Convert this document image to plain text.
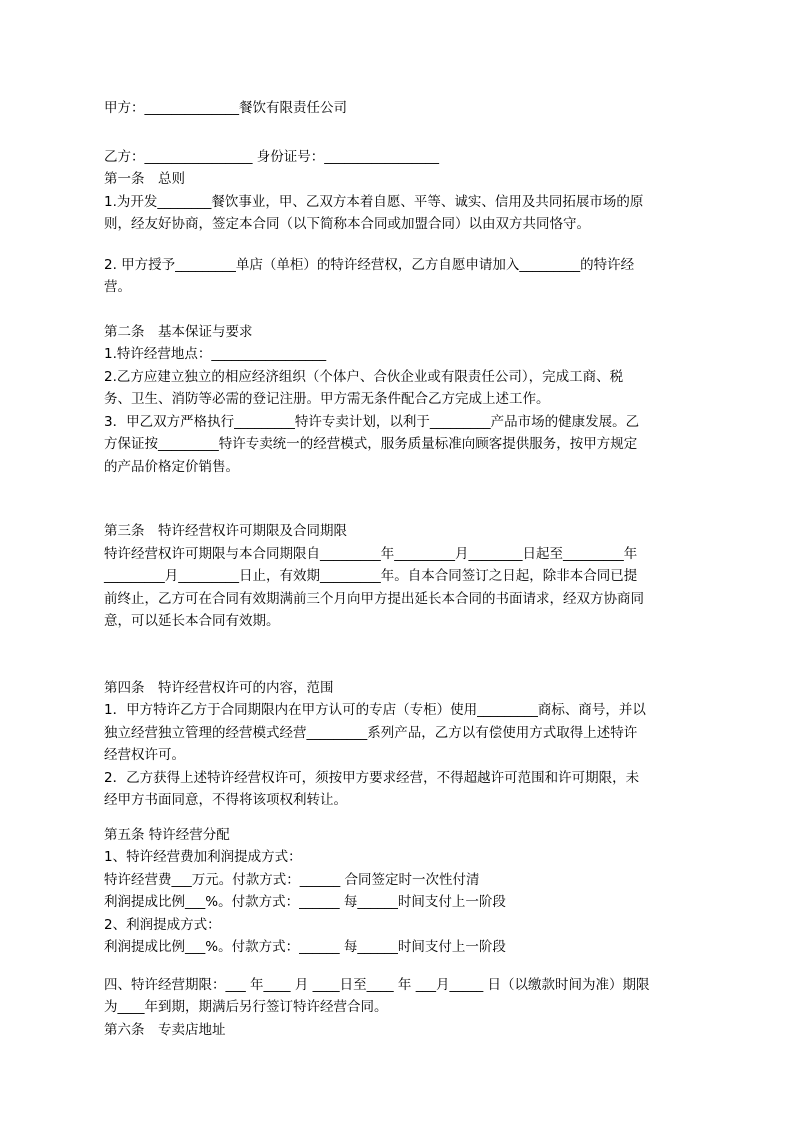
甲方：______________餐饮有限责任公司
乙方：________________ 身份证号：_________________
第一条　总则
1.为开发________餐饮事业，甲、乙双方本着自愿、平等、诚实、信用及共同拓展市场的原
则，经友好协商，签定本合同（以下简称本合同或加盟合同）以由双方共同恪守。
2. 甲方授予_________单店（单柜）的特许经营权，乙方自愿申请加入_________的特许经
营。
第二条　基本保证与要求
1.特许经营地点：_________________
2.乙方应建立独立的相应经济组织（个体户、合伙企业或有限责任公司），完成工商、税
务、卫生、消防等必需的登记注册。甲方需无条件配合乙方完成上述工作。
3．甲乙双方严格执行_________特许专卖计划，以利于_________产品市场的健康发展。乙
方保证按_________特许专卖统一的经营模式，服务质量标准向顾客提供服务，按甲方规定
的产品价格定价销售。
第三条　特许经营权许可期限及合同期限
特许经营权许可期限与本合同期限自_________年_________月________日起至_________年
_________月_________日止，有效期_________年。自本合同签订之日起，除非本合同已提
前终止，乙方可在合同有效期满前三个月向甲方提出延长本合同的书面请求，经双方协商同
意，可以延长本合同有效期。
第四条　特许经营权许可的内容，范围
1．甲方特许乙方于合同期限内在甲方认可的专店（专柜）使用_________商标、商号，并以
独立经营独立管理的经营模式经营_________系列产品，乙方以有偿使用方式取得上述特许
经营权许可。
2．乙方获得上述特许经营权许可，须按甲方要求经营，不得超越许可范围和许可期限，未
经甲方书面同意，不得将该项权利转让。
第五条 特许经营分配
1、特许经营费加利润提成方式：
特许经营费___万元。付款方式：______ 合同签定时一次性付清
利润提成比例___%。付款方式：______ 每______时间支付上一阶段
2、利润提成方式：
利润提成比例___%。付款方式：______ 每______时间支付上一阶段
四、特许经营期限：___ 年____ 月 ____日至____ 年 ___月_____ 日（以缴款时间为准）期限
为____年到期，期满后另行签订特许经营合同。
第六条　专卖店地址
